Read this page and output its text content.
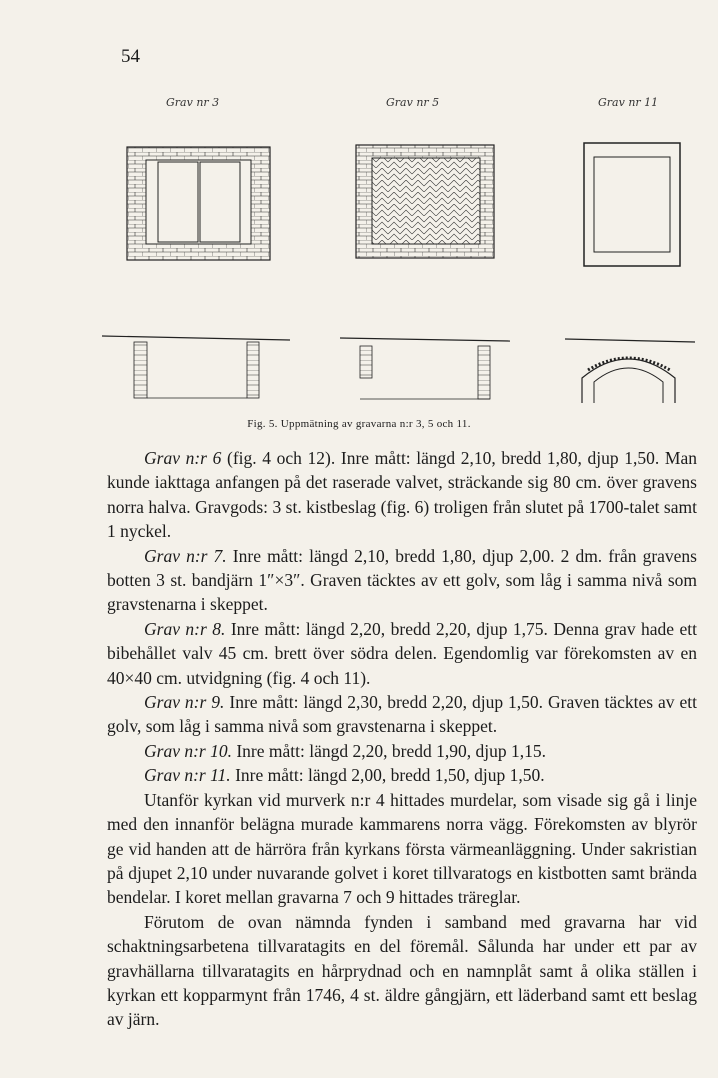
54
Grav nr 3	Grav nr 5	Grav nr 11
Fig. 5. Uppmätning av gravarna n:r 3, 5 och 11.

Grav n:r 6 (fig. 4 och 12). Inre mått: längd 2,10, bredd 1,80, djup 1,50. Man kunde iakttaga anfangen på det raserade valvet, sträckande sig 80 cm. över gravens norra halva. Gravgods: 3 st. kistbeslag (fig. 6) troligen från slutet på 1700-talet samt 1 nyckel.

Grav n:r 7. Inre mått: längd 2,10, bredd 1,80, djup 2,00. 2 dm. från gravens botten 3 st. bandjärn 1″×3″. Graven täcktes av ett golv, som låg i samma nivå som gravstenarna i skeppet.

Grav n:r 8. Inre mått: längd 2,20, bredd 2,20, djup 1,75. Denna grav hade ett bibehållet valv 45 cm. brett över södra delen. Egendomlig var förekomsten av en 40×40 cm. utvidgning (fig. 4 och 11).

Grav n:r 9. Inre mått: längd 2,30, bredd 2,20, djup 1,50. Graven täcktes av ett golv, som låg i samma nivå som gravstenarna i skeppet.

Grav n:r 10. Inre mått: längd 2,20, bredd 1,90, djup 1,15.

Grav n:r 11. Inre mått: längd 2,00, bredd 1,50, djup 1,50.

Utanför kyrkan vid murverk n:r 4 hittades murdelar, som visade sig gå i linje med den innanför belägna murade kammarens norra vägg. Förekomsten av blyrör ge vid handen att de härröra från kyrkans första värmeanläggning. Under sakristian på djupet 2,10 under nuvarande golvet i koret tillvaratogs en kistbotten samt brända bendelar. I koret mellan gravarna 7 och 9 hittades träreglar.

Förutom de ovan nämnda fynden i samband med gravarna har vid schaktningsarbetena tillvaratagits en del föremål. Sålunda har under ett par av gravhällarna tillvaratagits en hårprydnad och en namnplåt samt å olika ställen i kyrkan ett kopparmynt från 1746, 4 st. äldre gångjärn, ett läderband samt ett beslag av järn.
